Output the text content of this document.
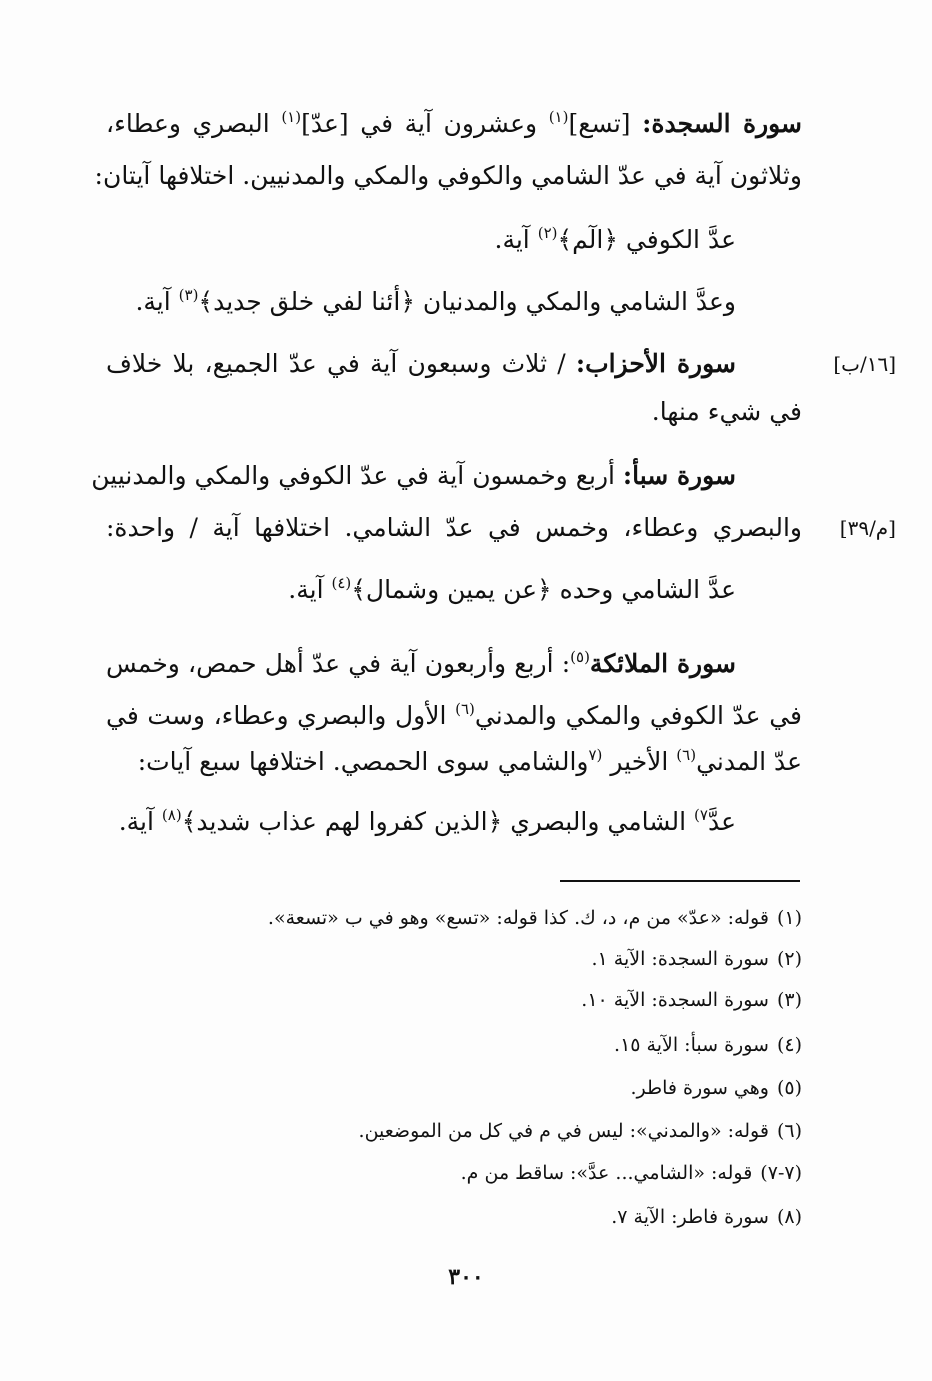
سورة السجدة: [تسع]$^{(١)}$ وعشرون آية في [عدّ]$^{(١)}$ البصري وعطاء،
وثلاثون آية في عدّ الشامي والكوفي والمكي والمدنيين. اختلافها آيتان:
عدَّ الكوفي ﴿الٓم﴾$^{(٢)}$ آية.
وعدَّ الشامي والمكي والمدنيان ﴿أئنا لفي خلق جديد﴾$^{(٣)}$ آية.
[١٦/ب]
سورة الأحزاب: / ثلاث وسبعون آية في عدّ الجميع، بلا خلاف
في شيء منها.
سورة سبأ: أربع وخمسون آية في عدّ الكوفي والمكي والمدنيين
[م/٣٩]
والبصري وعطاء، وخمس في عدّ الشامي. اختلافها آية / واحدة:
عدَّ الشامي وحده ﴿عن يمين وشمال﴾$^{(٤)}$ آية.
سورة الملائكة$^{(٥)}$: أربع وأربعون آية في عدّ أهل حمص، وخمس
في عدّ الكوفي والمكي والمدني$^{(٦)}$ الأول والبصري وعطاء، وست في
عدّ المدني$^{(٦)}$ الأخير $^{(٧}$والشامي سوى الحمصي. اختلافها سبع آيات:
عدَّ$^{٧)}$ الشامي والبصري ﴿الذين كفروا لهم عذاب شديد﴾$^{(٨)}$ آية.
(١)قوله: «عدّ» من م، د، ك. كذا قوله: «تسع» وهو في ب «تسعة».
(٢)سورة السجدة: الآية ١.
(٣)سورة السجدة: الآية ١٠.
(٤)سورة سبأ: الآية ١٥.
(٥)وهي سورة فاطر.
(٦)قوله: «والمدني»: ليس في م في كل من الموضعين.
(٧-٧)قوله: «الشامي... عدَّ»: ساقط من م.
(٨)سورة فاطر: الآية ٧.
٣٠٠
